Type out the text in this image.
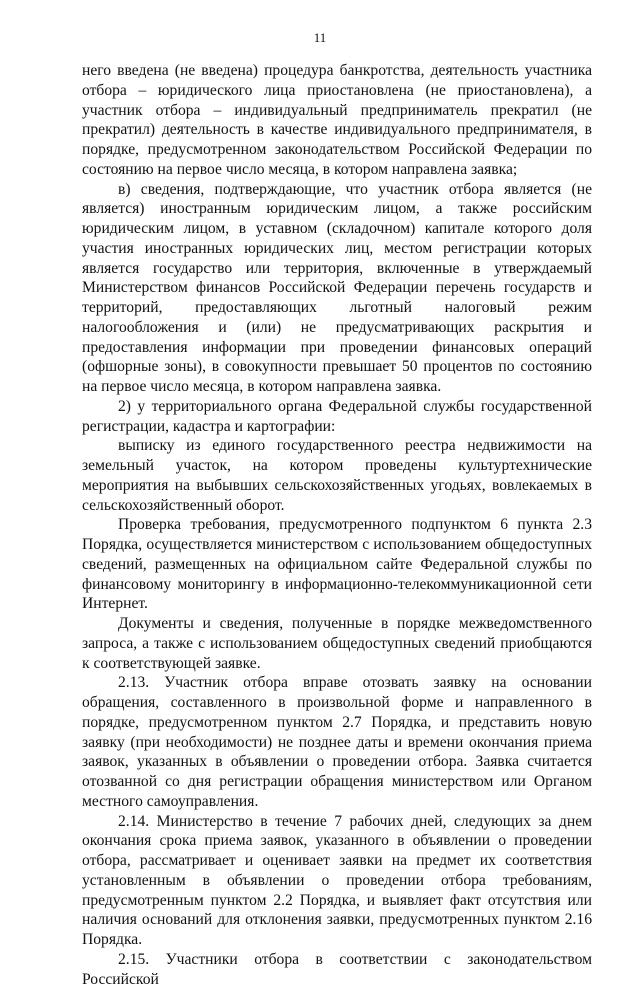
11

него введена (не введена) процедура банкротства, деятельность участника отбора – юридического лица приостановлена (не приостановлена), а участник отбора – индивидуальный предприниматель прекратил (не прекратил) деятельность в качестве индивидуального предпринимателя, в порядке, предусмотренном законодательством Российской Федерации по состоянию на первое число месяца, в котором направлена заявка;

в) сведения, подтверждающие, что участник отбора является (не является) иностранным юридическим лицом, а также российским юридическим лицом, в уставном (складочном) капитале которого доля участия иностранных юридических лиц, местом регистрации которых является государство или территория, включенные в утверждаемый Министерством финансов Российской Федерации перечень государств и территорий, предоставляющих льготный налоговый режим налогообложения и (или) не предусматривающих раскрытия и предоставления информации при проведении финансовых операций (офшорные зоны), в совокупности превышает 50 процентов по состоянию на первое число месяца, в котором направлена заявка.

2) у территориального органа Федеральной службы государственной регистрации, кадастра и картографии:

выписку из единого государственного реестра недвижимости на земельный участок, на котором проведены культуртехнические мероприятия на выбывших сельскохозяйственных угодьях, вовлекаемых в сельскохозяйственный оборот.

Проверка требования, предусмотренного подпунктом 6 пункта 2.3 Порядка, осуществляется министерством с использованием общедоступных сведений, размещенных на официальном сайте Федеральной службы по финансовому мониторингу в информационно-телекоммуникационной сети Интернет.

Документы и сведения, полученные в порядке межведомственного запроса, а также с использованием общедоступных сведений приобщаются к соответствующей заявке.

2.13. Участник отбора вправе отозвать заявку на основании обращения, составленного в произвольной форме и направленного в порядке, предусмотренном пунктом 2.7 Порядка, и представить новую заявку (при необходимости) не позднее даты и времени окончания приема заявок, указанных в объявлении о проведении отбора. Заявка считается отозванной со дня регистрации обращения министерством или Органом местного самоуправления.

2.14. Министерство в течение 7 рабочих дней, следующих за днем окончания срока приема заявок, указанного в объявлении о проведении отбора, рассматривает и оценивает заявки на предмет их соответствия установленным в объявлении о проведении отбора требованиям, предусмотренным пунктом 2.2 Порядка, и выявляет факт отсутствия или наличия оснований для отклонения заявки, предусмотренных пунктом 2.16 Порядка.

2.15. Участники отбора в соответствии с законодательством Российской
